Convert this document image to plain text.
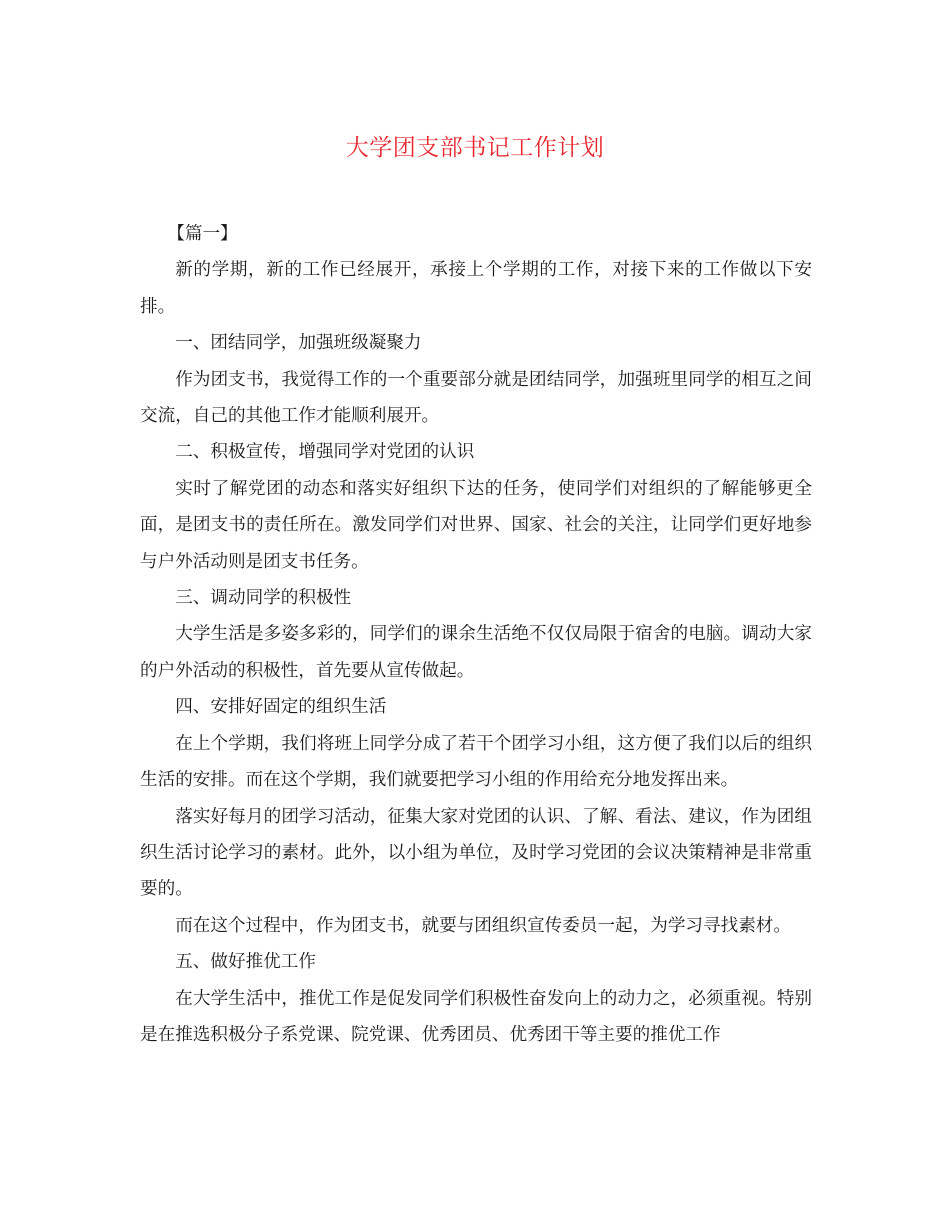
大学团支部书记工作计划

【篇一】

新的学期，新的工作已经展开，承接上个学期的工作，对接下来的工作做以下安排。

一、团结同学，加强班级凝聚力

作为团支书，我觉得工作的一个重要部分就是团结同学，加强班里同学的相互之间交流，自己的其他工作才能顺利展开。

二、积极宣传，增强同学对党团的认识

实时了解党团的动态和落实好组织下达的任务，使同学们对组织的了解能够更全面，是团支书的责任所在。激发同学们对世界、国家、社会的关注，让同学们更好地参与户外活动则是团支书任务。

三、调动同学的积极性

大学生活是多姿多彩的，同学们的课余生活绝不仅仅局限于宿舍的电脑。调动大家的户外活动的积极性，首先要从宣传做起。

四、安排好固定的组织生活

在上个学期，我们将班上同学分成了若干个团学习小组，这方便了我们以后的组织生活的安排。而在这个学期，我们就要把学习小组的作用给充分地发挥出来。

落实好每月的团学习活动，征集大家对党团的认识、了解、看法、建议，作为团组织生活讨论学习的素材。此外，以小组为单位，及时学习党团的会议决策精神是非常重要的。

而在这个过程中，作为团支书，就要与团组织宣传委员一起，为学习寻找素材。

五、做好推优工作

在大学生活中，推优工作是促发同学们积极性奋发向上的动力之，必须重视。特别是在推选积极分子系党课、院党课、优秀团员、优秀团干等主要的推优工作
